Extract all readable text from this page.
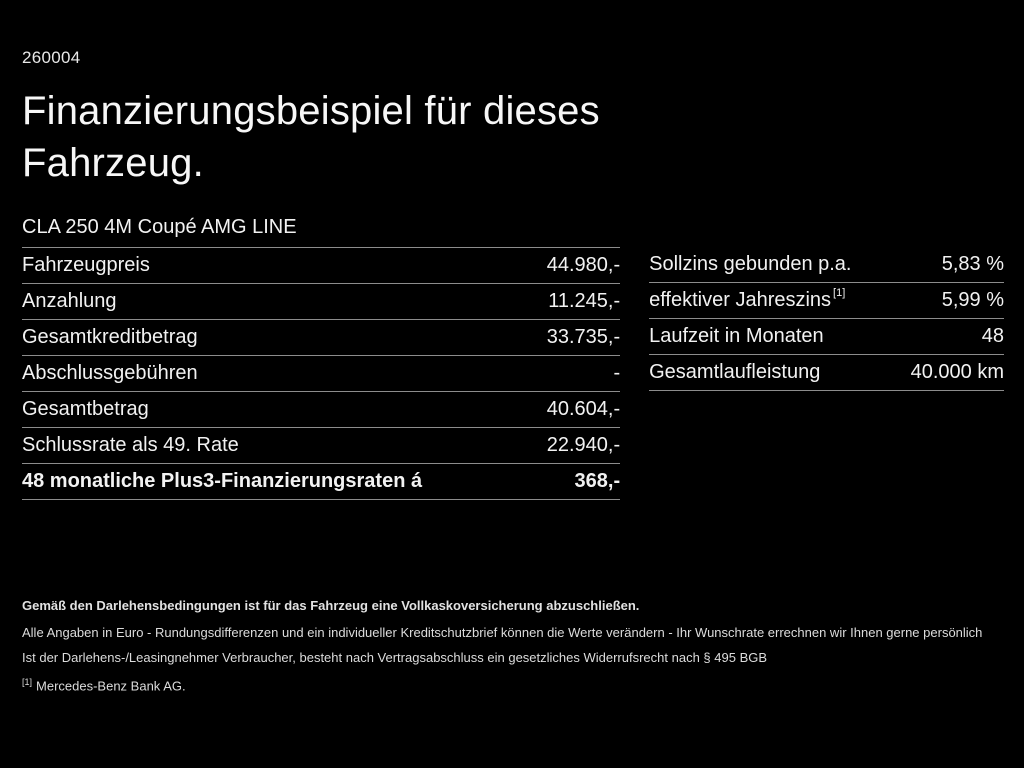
260004
Finanzierungsbeispiel für dieses Fahrzeug.
CLA 250 4M Coupé AMG LINE
Fahrzeugpreis	44.980,-
Anzahlung	11.245,-
Gesamtkreditbetrag	33.735,-
Abschlussgebühren	-
Gesamtbetrag	40.604,-
Schlussrate als 49. Rate	22.940,-
48 monatliche Plus3-Finanzierungsraten á	368,-
Sollzins gebunden p.a.	5,83 %
effektiver Jahreszins [1]	5,99 %
Laufzeit in Monaten	48
Gesamtlaufleistung	40.000 km
Gemäß den Darlehensbedingungen ist für das Fahrzeug eine Vollkaskoversicherung abzuschließen.
Alle Angaben in Euro - Rundungsdifferenzen und ein individueller Kreditschutzbrief können die Werte verändern - Ihr Wunschrate errechnen wir Ihnen gerne persönlich
Ist der Darlehens-/Leasingnehmer Verbraucher, besteht nach Vertragsabschluss ein gesetzliches Widerrufsrecht nach § 495 BGB
[1] Mercedes-Benz Bank AG.
